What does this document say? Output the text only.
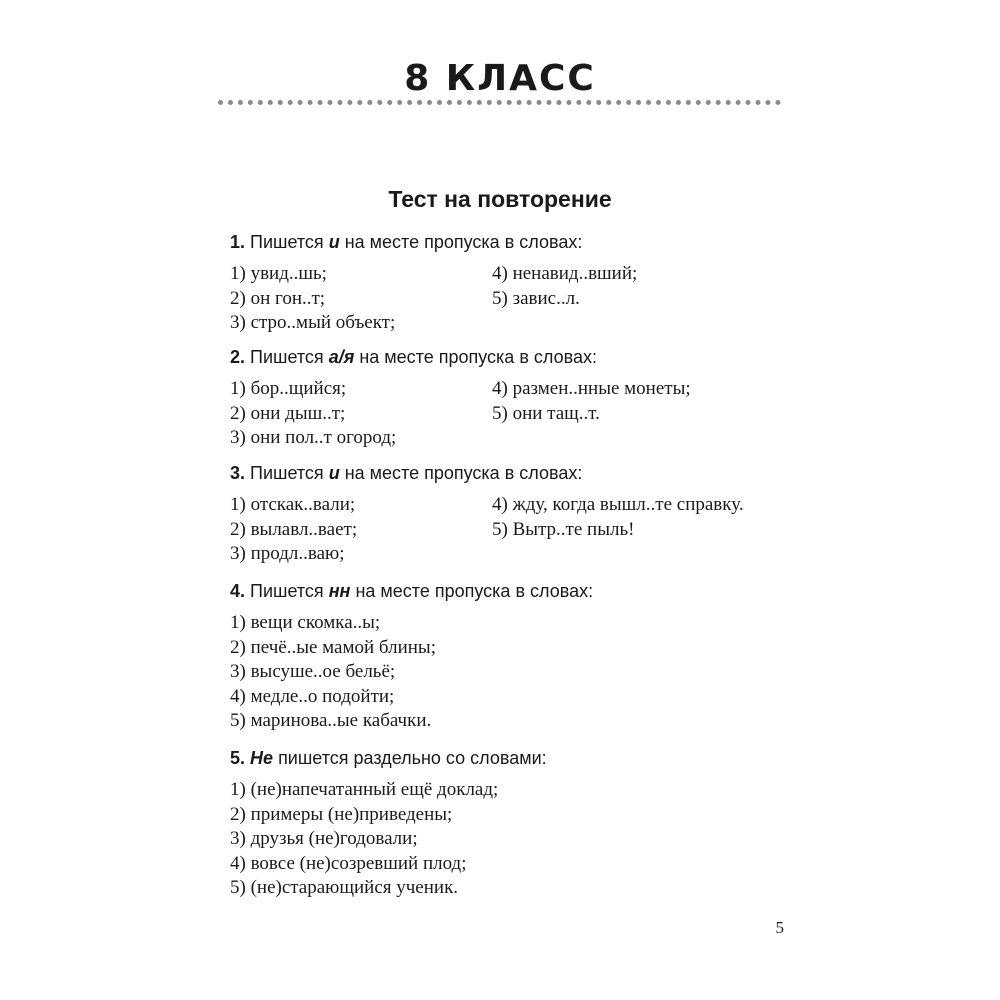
8 КЛАСС
Тест на повторение
1. Пишется и на месте пропуска в словах:
1) увид..шь;	4) ненавид..вший;
2) он гон..т;	5) завис..л.
3) стро..мый объект;
2. Пишется а/я на месте пропуска в словах:
1) бор..щийся;	4) размен..нные монеты;
2) они дыш..т;	5) они тащ..т.
3) они пол..т огород;
3. Пишется и на месте пропуска в словах:
1) отскак..вали;	4) жду, когда вышл..те справку.
2) вылавл..вает;	5) Вытр..те пыль!
3) продл..ваю;
4. Пишется нн на месте пропуска в словах:
1) вещи скомка..ы;
2) печё..ые мамой блины;
3) высуше..ое бельё;
4) медле..о подойти;
5) маринова..ые кабачки.
5. Не пишется раздельно со словами:
1) (не)напечатанный ещё доклад;
2) примеры (не)приведены;
3) друзья (не)годовали;
4) вовсе (не)созревший плод;
5) (не)старающийся ученик.
5
